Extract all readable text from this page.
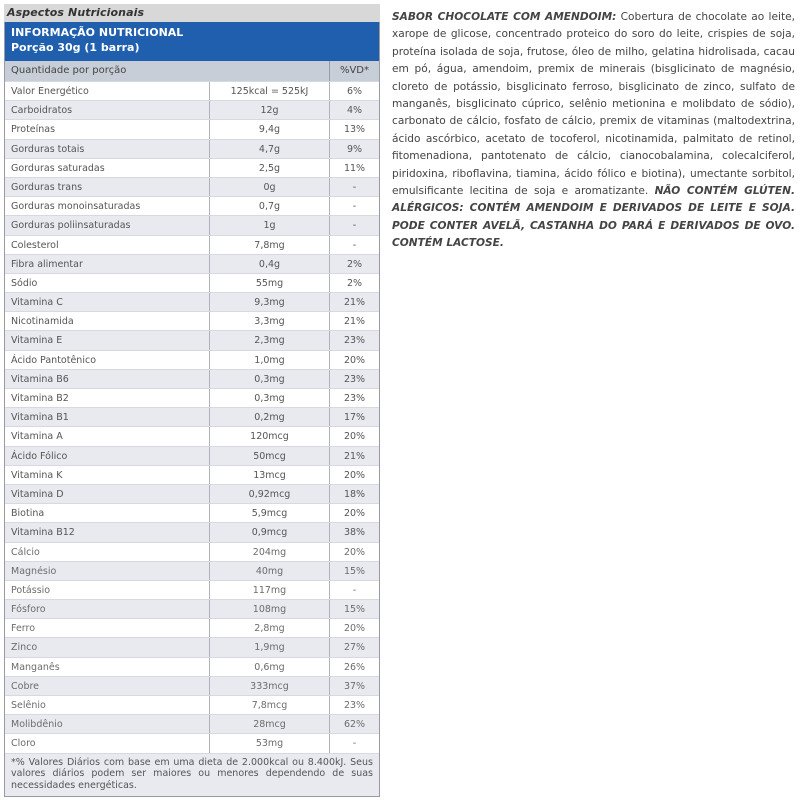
Aspectos Nutricionais
INFORMAÇÃO NUTRICIONAL
Porção 30g (1 barra)
Quantidade por porção	%VD*
Valor Energético	125kcal = 525kJ	6%
Carboidratos	12g	4%
Proteínas	9,4g	13%
Gorduras totais	4,7g	9%
Gorduras saturadas	2,5g	11%
Gorduras trans	0g	-
Gorduras monoinsaturadas	0,7g	-
Gorduras poliinsaturadas	1g	-
Colesterol	7,8mg	-
Fibra alimentar	0,4g	2%
Sódio	55mg	2%
Vitamina C	9,3mg	21%
Nicotinamida	3,3mg	21%
Vitamina E	2,3mg	23%
Ácido Pantotênico	1,0mg	20%
Vitamina B6	0,3mg	23%
Vitamina B2	0,3mg	23%
Vitamina B1	0,2mg	17%
Vitamina A	120mcg	20%
Ácido Fólico	50mcg	21%
Vitamina K	13mcg	20%
Vitamina D	0,92mcg	18%
Biotina	5,9mcg	20%
Vitamina B12	0,9mcg	38%
Cálcio	204mg	20%
Magnésio	40mg	15%
Potássio	117mg	-
Fósforo	108mg	15%
Ferro	2,8mg	20%
Zinco	1,9mg	27%
Manganês	0,6mg	26%
Cobre	333mcg	37%
Selênio	7,8mcg	23%
Molibdênio	28mcg	62%
Cloro	53mg	-
*% Valores Diários com base em uma dieta de 2.000kcal ou 8.400kJ. Seus valores diários podem ser maiores ou menores dependendo de suas necessidades energéticas.
SABOR CHOCOLATE COM AMENDOIM: Cobertura de chocolate ao leite, xarope de glicose, concentrado proteico do soro do leite, crispies de soja, proteína isolada de soja, frutose, óleo de milho, gelatina hidrolisada, cacau em pó, água, amendoim, premix de minerais (bisglicinato de magnésio, cloreto de potássio, bisglicinato ferroso, bisglicinato de zinco, sulfato de manganês, bisglicinato cúprico, selênio metionina e molibdato de sódio), carbonato de cálcio, fosfato de cálcio, premix de vitaminas (maltodextrina, ácido ascórbico, acetato de tocoferol, nicotinamida, palmitato de retinol, fitomenadiona, pantotenato de cálcio, cianocobalamina, colecalciferol, piridoxina, riboflavina, tiamina, ácido fólico e biotina), umectante sorbitol, emulsificante lecitina de soja e aromatizante. NÃO CONTÉM GLÚTEN. ALÉRGICOS: CONTÉM AMENDOIM E DERIVADOS DE LEITE E SOJA. PODE CONTER AVELÃ, CASTANHA DO PARÁ E DERIVADOS DE OVO. CONTÉM LACTOSE.
